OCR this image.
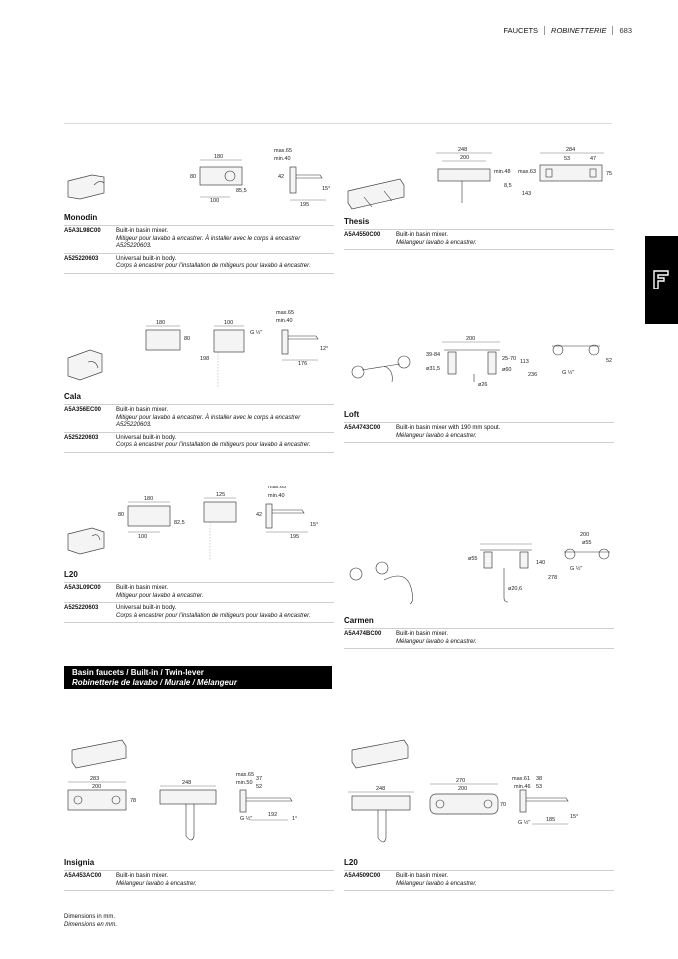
FAUCETS ROBINETTERIE 683
180
80
85,5
100
max.65
min.40
42
15°
195
Monodin
A5A3L98C00	Built-in basin mixer.
Mitigeur pour lavabo à encastrer. À installer avec le corps à encastrer A525220603.
A525220603	Universal built-in body.
Corps à encastrer pour l’installation de mitigeurs pour lavabo à encastrer.
248
200
min.48 max.63
8,5
143
284
53	47
75
Thesis
A5A4550C00	Built-in basin mixer.
Mélangeur lavabo à encastrer.
180
80
100
G ½"
198
max.65
min.40
12°
176
Cala
A5A356EC00	Built-in basin mixer.
Mitigeur pour lavabo à encastrer. À installer avec le corps à encastrer A525220603.
A525220603	Universal built-in body.
Corps à encastrer pour l’installation de mitigeurs pour lavabo à encastrer.
200
39-84
25-70 113
ø31,5	ø60
236
ø26
52
G ½"
Loft
A5A4743C00	Built-in basin mixer with 190 mm spout.
Mélangeur lavabo à encastrer.
180
80
82,5
100
125
max.65
min.40
42
15°
195
L20
A5A3L09C00	Built-in basin mixer.
Mitigeur pour lavabo à encastrer.
A525220603	Universal built-in body.
Corps à encastrer pour l’installation de mitigeurs pour lavabo à encastrer.
ø55
140
278
ø20,6
200
ø55
G ½"
Carmen
A5A474BC00	Built-in basin mixer.
Mélangeur lavabo à encastrer.
Basin faucets / Built-in / Twin-lever
Robinetterie de lavabo / Murale / Mélangeur
283
200
78
248
max.65
37
min.50
52
G ½"
192
1°
Insignia
A5A453AC00	Built-in basin mixer.
Mélangeur lavabo à encastrer.
248
270
200
70
max.61 38
min.46 53
15°
G ½"	185
L20
A5A4509C00	Built-in basin mixer.
Mélangeur lavabo à encastrer.
Dimensions in mm.
Dimensions en mm.
